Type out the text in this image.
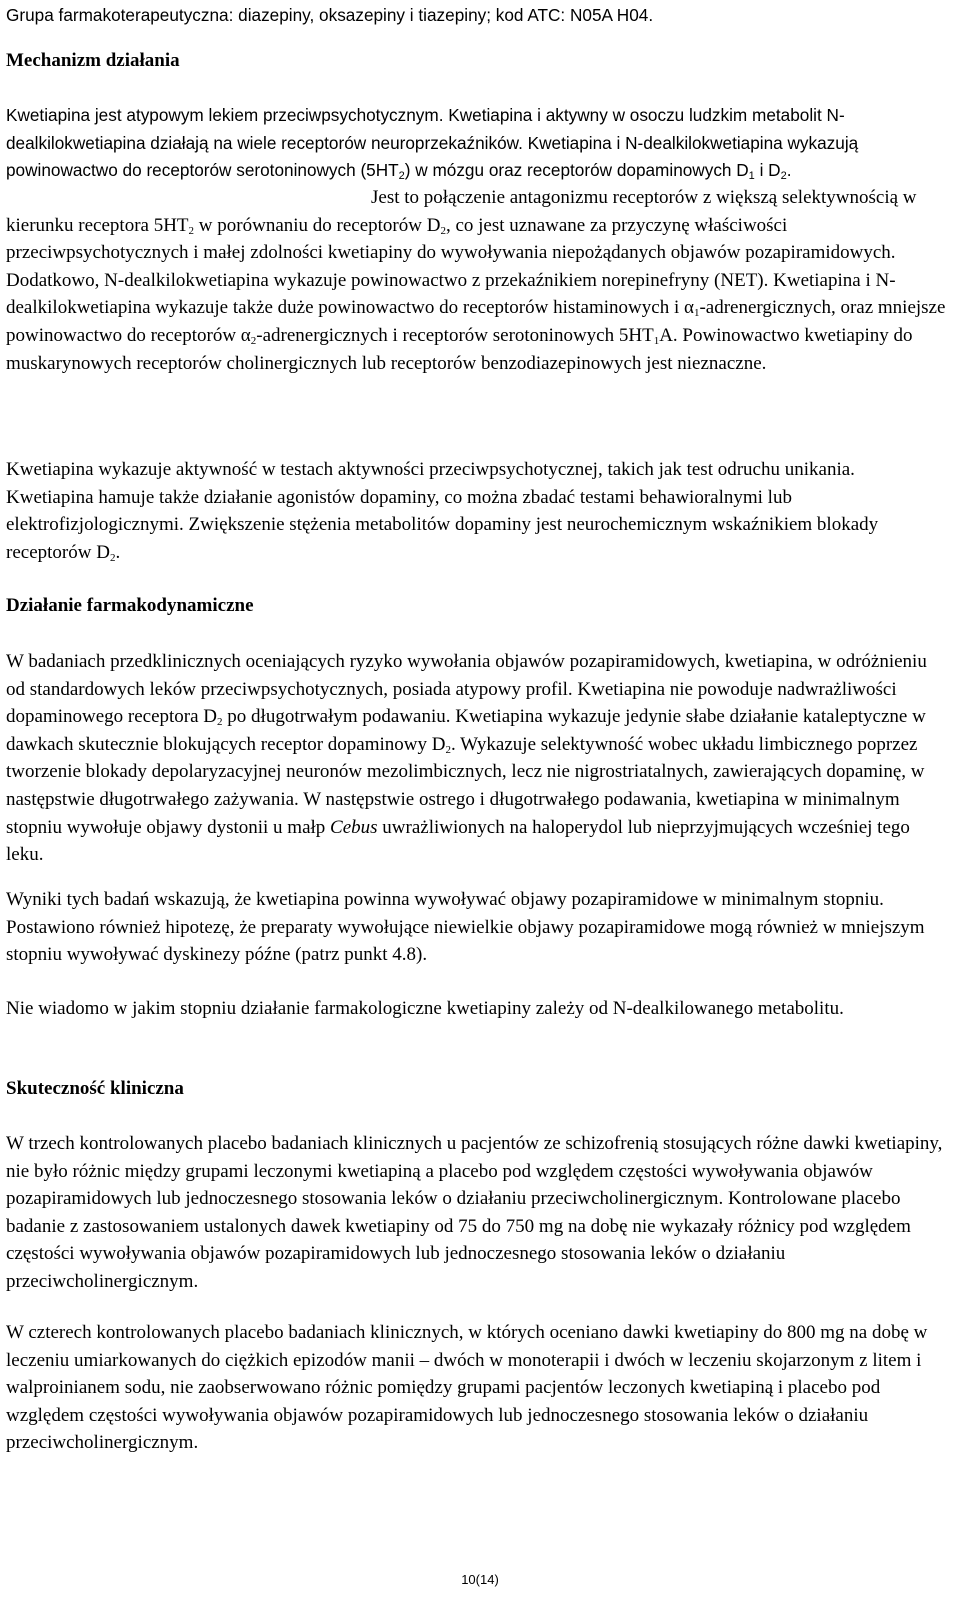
Grupa farmakoterapeutyczna: diazepiny, oksazepiny i tiazepiny; kod ATC: N05A H04.

Mechanizm działania

Kwetiapina jest atypowym lekiem przeciwpsychotycznym. Kwetiapina i aktywny w osoczu ludzkim metabolit N-dealkilokwetiapina działają na wiele receptorów neuroprzekaźników. Kwetiapina i N-dealkilokwetiapina wykazują powinowactwo do receptorów serotoninowych $(5HT_2)$ w mózgu oraz receptorów dopaminowych $D_1$ i $D_2$.

Jest to połączenie antagonizmu receptorów z większą selektywnością w kierunku receptora $5HT_2$ w porównaniu do receptorów $D_2$, co jest uznawane za przyczynę właściwości przeciwpsychotycznych i małej zdolności kwetiapiny do wywoływania niepożądanych objawów pozapiramidowych. Dodatkowo, N-dealkilokwetiapina wykazuje powinowactwo z przekaźnikiem norepinefryny (NET). Kwetiapina i N-dealkilokwetiapina wykazuje także duże powinowactwo do receptorów histaminowych i $\alpha_1$-adrenergicznych, oraz mniejsze powinowactwo do receptorów $\alpha_2$-adrenergicznych i receptorów serotoninowych $5HT_1A$. Powinowactwo kwetiapiny do muskarynowych receptorów cholinergicznych lub receptorów benzodiazepinowych jest nieznaczne.

Kwetiapina wykazuje aktywność w testach aktywności przeciwpsychotycznej, takich jak test odruchu unikania. Kwetiapina hamuje także działanie agonistów dopaminy, co można zbadać testami behawioralnymi lub elektrofizjologicznymi. Zwiększenie stężenia metabolitów dopaminy jest neurochemicznym wskaźnikiem blokady receptorów $D_2$.

Działanie farmakodynamiczne

W badaniach przedklinicznych oceniających ryzyko wywołania objawów pozapiramidowych, kwetiapina, w odróżnieniu od standardowych leków przeciwpsychotycznych, posiada atypowy profil. Kwetiapina nie powoduje nadwrażliwości dopaminowego receptora $D_2$ po długotrwałym podawaniu. Kwetiapina wykazuje jedynie słabe działanie kataleptyczne w dawkach skutecznie blokujących receptor dopaminowy $D_2$. Wykazuje selektywność wobec układu limbicznego poprzez tworzenie blokady depolaryzacyjnej neuronów mezolimbicznych, lecz nie nigrostriatalnych, zawierających dopaminę, w następstwie długotrwałego zażywania. W następstwie ostrego i długotrwałego podawania, kwetiapina w minimalnym stopniu wywołuje objawy dystonii u małp Cebus uwrażliwionych na haloperydol lub nieprzyjmujących wcześniej tego leku.

Wyniki tych badań wskazują, że kwetiapina powinna wywoływać objawy pozapiramidowe w minimalnym stopniu. Postawiono również hipotezę, że preparaty wywołujące niewielkie objawy pozapiramidowe mogą również w mniejszym stopniu wywoływać dyskinezy późne (patrz punkt 4.8).

Nie wiadomo w jakim stopniu działanie farmakologiczne kwetiapiny zależy od N-dealkilowanego metabolitu.

Skuteczność kliniczna

W trzech kontrolowanych placebo badaniach klinicznych u pacjentów ze schizofrenią stosujących różne dawki kwetiapiny, nie było różnic między grupami leczonymi kwetiapiną a placebo pod względem częstości wywoływania objawów pozapiramidowych lub jednoczesnego stosowania leków o działaniu przeciwcholinergicznym. Kontrolowane placebo badanie z zastosowaniem ustalonych dawek kwetiapiny od 75 do 750 mg na dobę nie wykazały różnicy pod względem częstości wywoływania objawów pozapiramidowych lub jednoczesnego stosowania leków o działaniu przeciwcholinergicznym.

W czterech kontrolowanych placebo badaniach klinicznych, w których oceniano dawki kwetiapiny do 800 mg na dobę w leczeniu umiarkowanych do ciężkich epizodów manii – dwóch w monoterapii i dwóch w leczeniu skojarzonym z litem i walproinianem sodu, nie zaobserwowano różnic pomiędzy grupami pacjentów leczonych kwetiapiną i placebo pod względem częstości wywoływania objawów pozapiramidowych lub jednoczesnego stosowania leków o działaniu przeciwcholinergicznym.

10(14)
